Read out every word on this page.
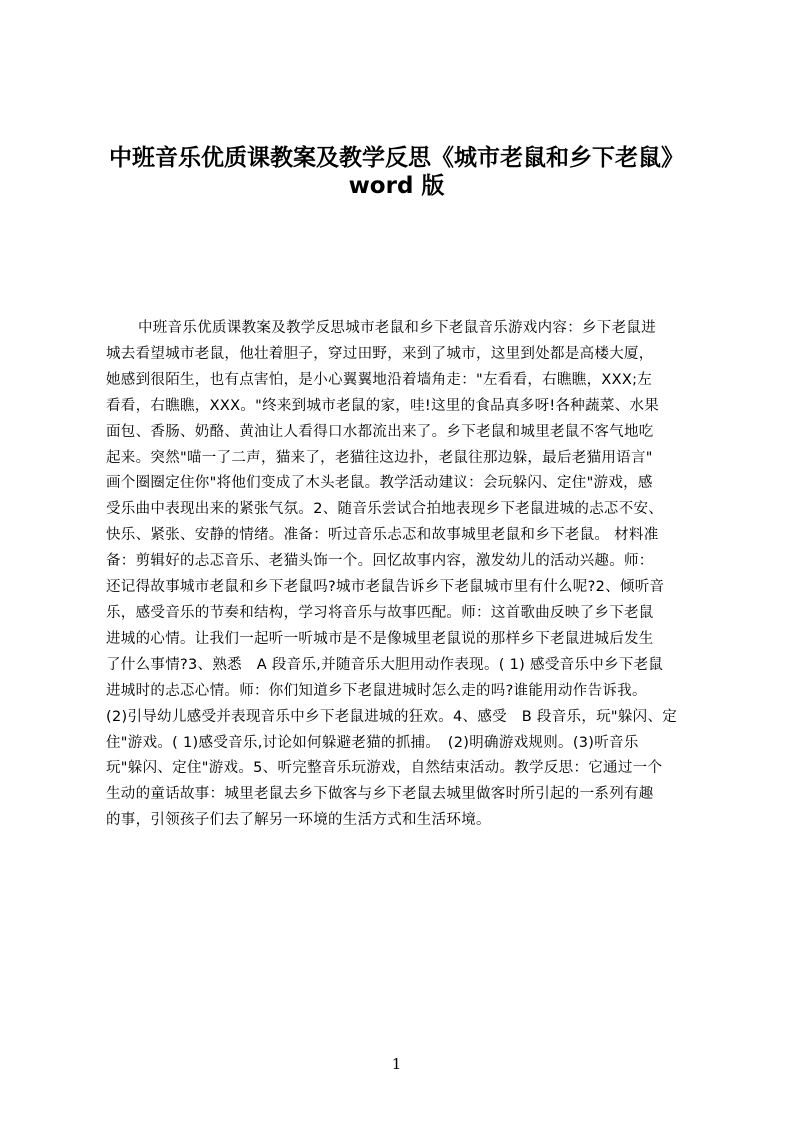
中班音乐优质课教案及教学反思《城市老鼠和乡下老鼠》
word 版
中班音乐优质课教案及教学反思城市老鼠和乡下老鼠音乐游戏内容：乡下老鼠进
城去看望城市老鼠，他壮着胆子，穿过田野，来到了城市，这里到处都是高楼大厦，
她感到很陌生，也有点害怕，是小心翼翼地沿着墙角走："左看看，右瞧瞧，XXX;左
看看，右瞧瞧，XXX。"终来到城市老鼠的家，哇!这里的食品真多呀!各种蔬菜、水果
面包、香肠、奶酪、黄油让人看得口水都流出来了。乡下老鼠和城里老鼠不客气地吃
起来。突然"喵一了二声，猫来了，老猫往这边扑，老鼠往那边躲，最后老猫用语言"
画个圈圈定住你"将他们变成了木头老鼠。教学活动建议：会玩躲闪、定住"游戏，感
受乐曲中表现出来的紧张气氛。2、随音乐尝试合拍地表现乡下老鼠进城的忐忑不安、
快乐、紧张、安静的情绪。准备：听过音乐忐忑和故事城里老鼠和乡下老鼠。 材料准
备：剪辑好的忐忑音乐、老猫头饰一个。回忆故事内容，激发幼儿的活动兴趣。师：
还记得故事城市老鼠和乡下老鼠吗?城市老鼠告诉乡下老鼠城市里有什么呢?2、倾听音
乐，感受音乐的节奏和结构，学习将音乐与故事匹配。师：这首歌曲反映了乡下老鼠
进城的心情。让我们一起听一听城市是不是像城里老鼠说的那样乡下老鼠进城后发生
了什么事情?3、熟悉　A 段音乐,并随音乐大胆用动作表现。( 1) 感受音乐中乡下老鼠
进城时的忐忑心情。师：你们知道乡下老鼠进城时怎么走的吗?谁能用动作告诉我。
(2)引导幼儿感受并表现音乐中乡下老鼠进城的狂欢。4、感受　B 段音乐，玩"躲闪、定
住"游戏。( 1)感受音乐,讨论如何躲避老猫的抓捕。　(2)明确游戏规则。(3)听音乐
玩"躲闪、定住"游戏。5、听完整音乐玩游戏，自然结束活动。教学反思：它通过一个
生动的童话故事：城里老鼠去乡下做客与乡下老鼠去城里做客时所引起的一系列有趣
的事，引领孩子们去了解另一环境的生活方式和生活环境。
1
